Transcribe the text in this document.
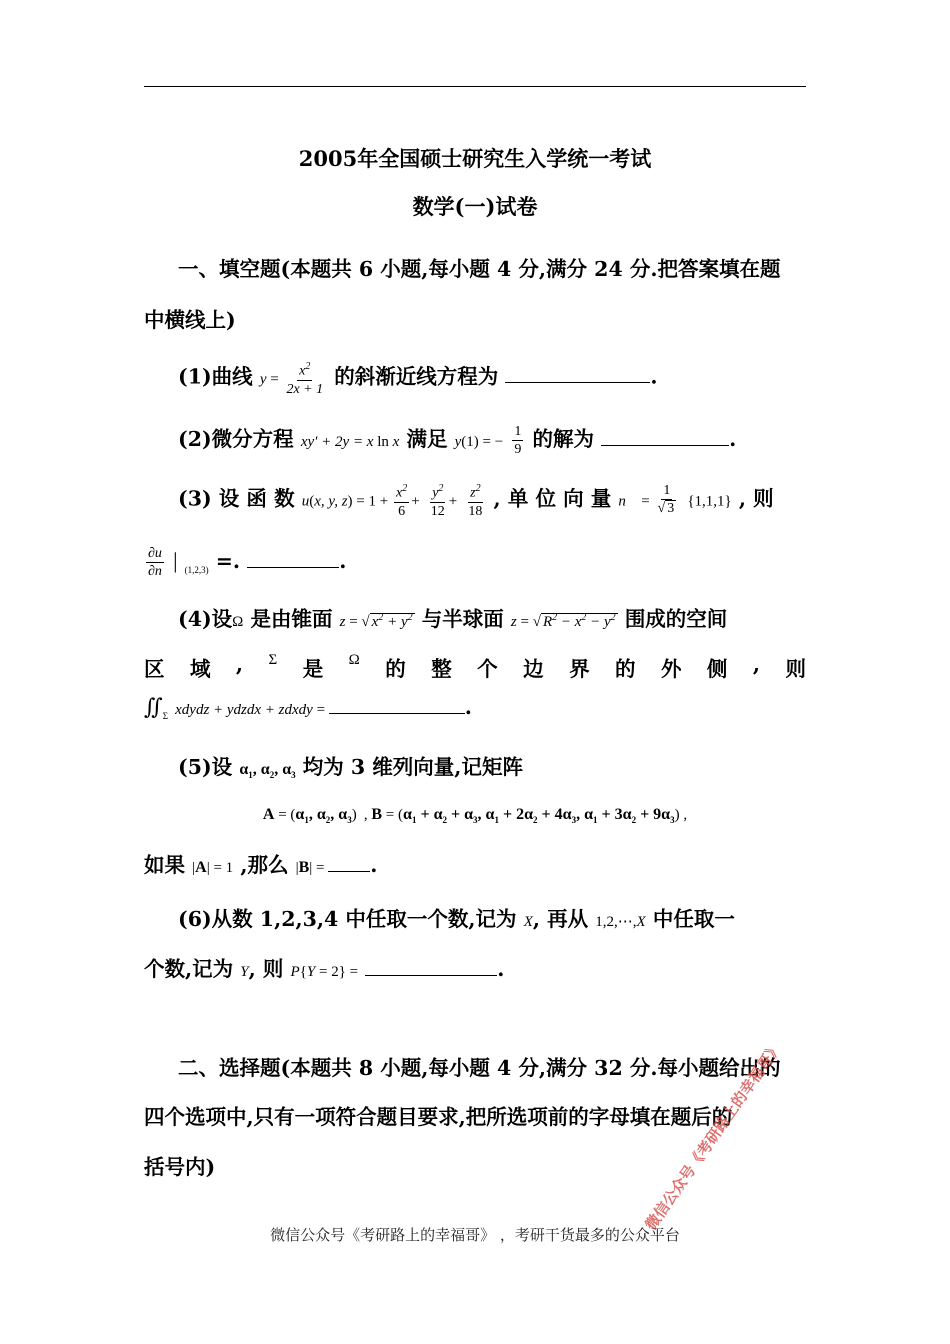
2005年全国硕士研究生入学统一考试
数学(一)试卷
一、填空题(本题共 6 小题,每小题 4 分,满分 24 分.把答案填在题
中横线上)
(1)曲线 $y = \frac{x^2}{2x + 1}$ 的斜渐近线方程为	.
(2)微分方程 xy′ + 2y = x ln x 满足 y(1) = − $\frac{1}{9}$ 的解为	.
(3) 设 函 数 u(x, y, $z) = 1 + \frac{x^2}{6} + \frac{y^2}{12} + \frac{z^2}{18}$ , 单 位 向 量 n⃗ = $\frac{1}{√ 3} \{1,1,1\}$ , 则
$\frac{\partial u}{\partial n}$ | $_{(1,2,3)}$ =.	.
(4)设Ω 是由锥面 z = √ $x^2 + y^2$ 与半球面 z = √ $R^2 - x^2 - y^2$ 围成的空间
区 域 , Σ 是 Ω 的 整 个 边 界 的 外 侧 , 则
$∬_\Sigma$ xdydz + ydzdx + zdxdy =	.
(5)设 $\alpha_1$, $\alpha_2$, $\alpha_3$ 均为 3 维列向量,记矩阵
$A = (\alpha_1$, $\alpha_2$, $\alpha_3$) , $B = (\alpha_1 + \alpha_2 + \alpha_3$, $\alpha_1 + 2\alpha_2 + 4\alpha_3$, $\alpha_1 + 3\alpha_2 + 9\alpha_3$) ,
如果 |A| = 1 ,那么 |B| = .
(6)从数 1,2,3,4 中任取一个数,记为 X, 再从 1,2,⋯,X 中任取一
个数,记为 Y, 则 P{Y = 2} =	.
二、选择题(本题共 8 小题,每小题 4 分,满分 32 分.每小题给出的
四个选项中,只有一项符合题目要求,把所选项前的字母填在题后的
括号内)	微信公众号《考研路上的幸福哥》
微信公众号《考研路上的幸福哥》 ，考研干货最多的公众平台
